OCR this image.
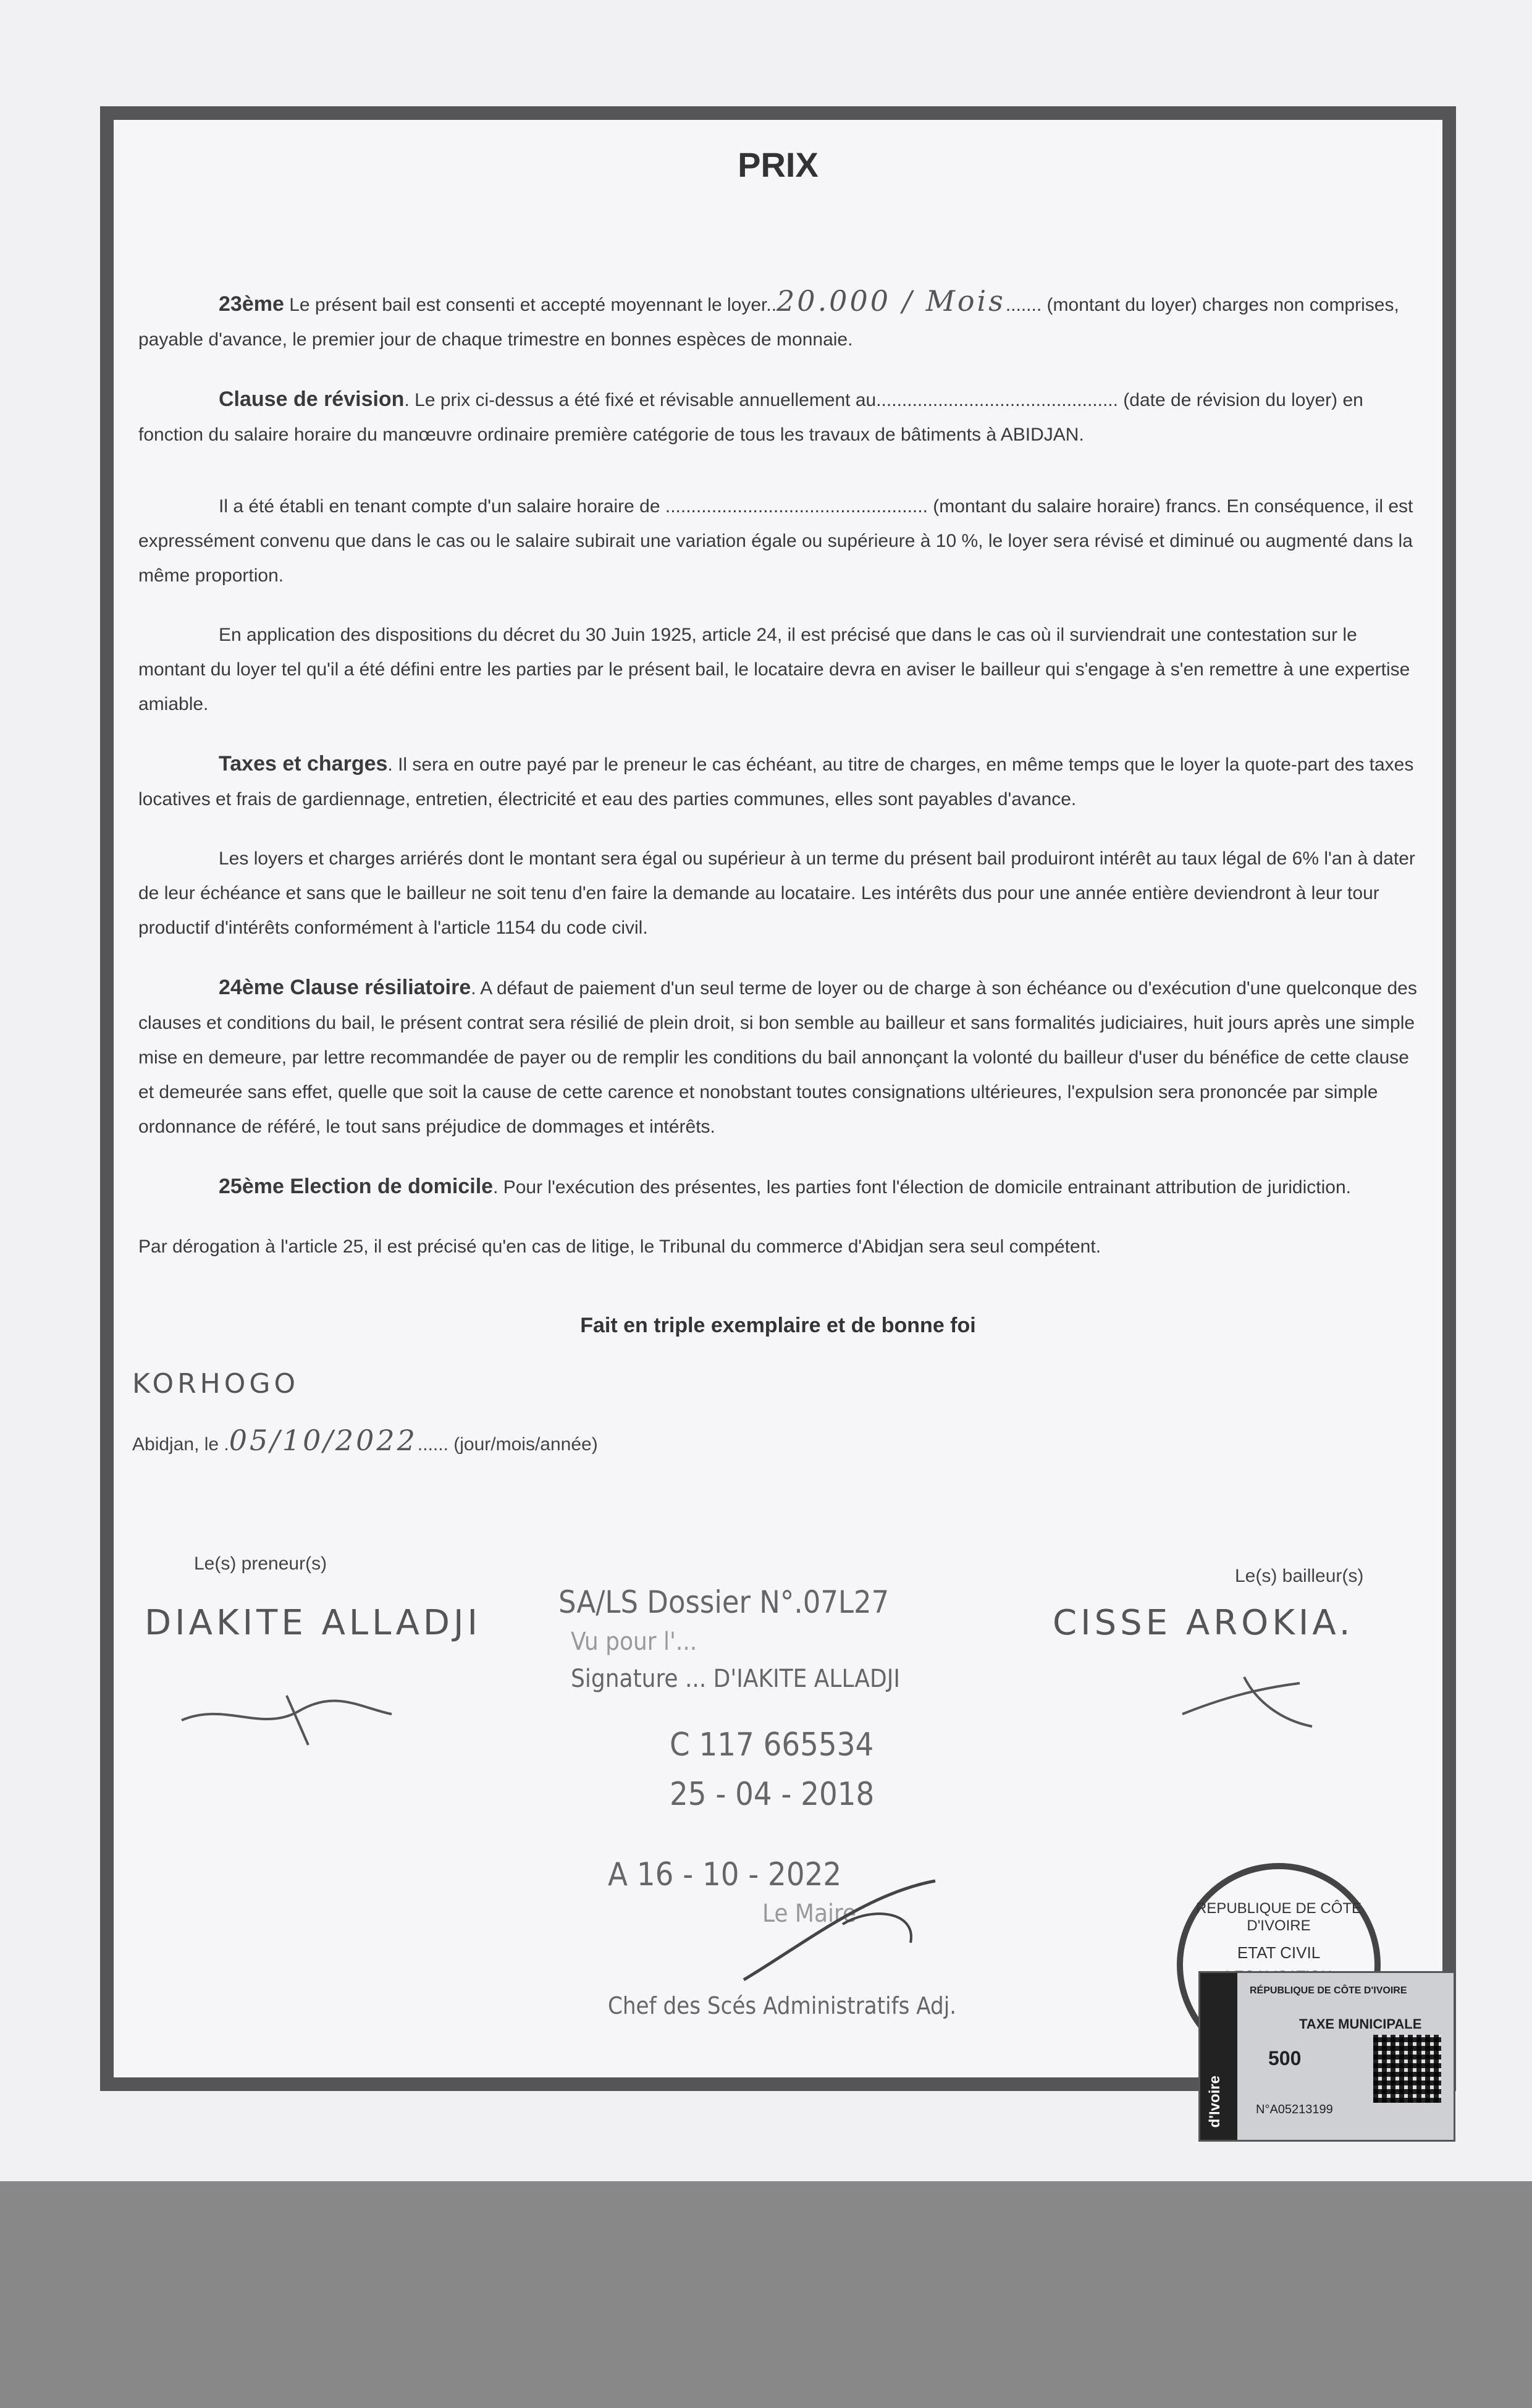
PRIX

23ème Le présent bail est consenti et accepté moyennant le loyer..20.000 / Mois....... (montant du loyer) charges non comprises, payable d'avance, le premier jour de chaque trimestre en bonnes espèces de monnaie.

Clause de révision. Le prix ci-dessus a été fixé et révisable annuellement au............................................... (date de révision du loyer) en fonction du salaire horaire du manœuvre ordinaire première catégorie de tous les travaux de bâtiments à ABIDJAN.

Il a été établi en tenant compte d'un salaire horaire de ................................................... (montant du salaire horaire) francs. En conséquence, il est expressément convenu que dans le cas ou le salaire subirait une variation égale ou supérieure à 10 %, le loyer sera révisé et diminué ou augmenté dans la même proportion.

En application des dispositions du décret du 30 Juin 1925, article 24, il est précisé que dans le cas où il surviendrait une contestation sur le montant du loyer tel qu'il a été défini entre les parties par le présent bail, le locataire devra en aviser le bailleur qui s'engage à s'en remettre à une expertise amiable.

Taxes et charges. Il sera en outre payé par le preneur le cas échéant, au titre de charges, en même temps que le loyer la quote-part des taxes locatives et frais de gardiennage, entretien, électricité et eau des parties communes, elles sont payables d'avance.

Les loyers et charges arriérés dont le montant sera égal ou supérieur à un terme du présent bail produiront intérêt au taux légal de 6% l'an à dater de leur échéance et sans que le bailleur ne soit tenu d'en faire la demande au locataire. Les intérêts dus pour une année entière deviendront à leur tour productif d'intérêts conformément à l'article 1154 du code civil.

24ème Clause résiliatoire. A défaut de paiement d'un seul terme de loyer ou de charge à son échéance ou d'exécution d'une quelconque des clauses et conditions du bail, le présent contrat sera résilié de plein droit, si bon semble au bailleur et sans formalités judiciaires, huit jours après une simple mise en demeure, par lettre recommandée de payer ou de remplir les conditions du bail annonçant la volonté du bailleur d'user du bénéfice de cette clause et demeurée sans effet, quelle que soit la cause de cette carence et nonobstant toutes consignations ultérieures, l'expulsion sera prononcée par simple ordonnance de référé, le tout sans préjudice de dommages et intérêts.

25ème Election de domicile. Pour l'exécution des présentes, les parties font l'élection de domicile entrainant attribution de juridiction.

Par dérogation à l'article 25, il est précisé qu'en cas de litige, le Tribunal du commerce d'Abidjan sera seul compétent.

Fait en triple exemplaire et de bonne foi
KORHOGO
Abidjan, le .05/10/2022...... (jour/mois/année)
Le(s) preneur(s)
Le(s) bailleur(s)
DIAKITE ALLADJI	CISSE AROKIA.
SA/LS Dossier N°.07L27
Vu pour l'...
Signature ... D'IAKITE ALLADJI
C 117 665534
25 - 04 - 2018
A 16 - 10 - 2022
Le Maire
Chef des Scés Administratifs Adj.
REPUBLIQUE DE CÔTE D'IVOIRE
ETAT CIVIL
d'Ivoire
RÉPUBLIQUE DE CÔTE D'IVOIRE
TAXE MUNICIPALE
500
N°A05213199
